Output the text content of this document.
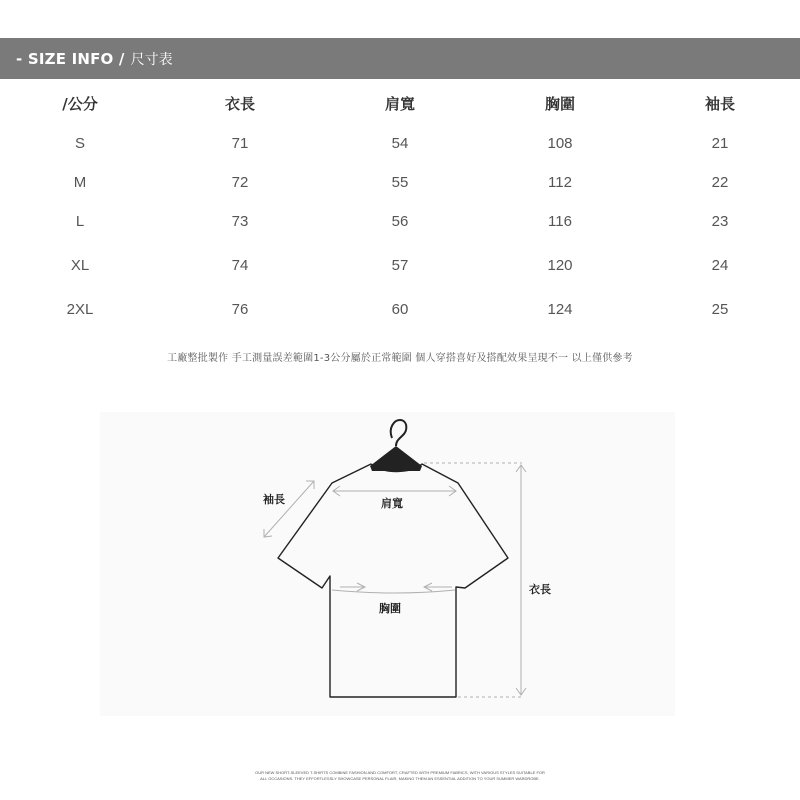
- SIZE INFO / 尺寸表
/公分	衣長	肩寬	胸圍	袖長
S	71	54	108	21
M	72	55	112	22
L	73	56	116	23
XL	74	57	120	24
2XL	76	60	124	25
工廠整批製作 手工測量誤差範圍1-3公分屬於正常範圍 個人穿搭喜好及搭配效果呈現不一 以上僅供參考
袖長	肩寬
胸圍
衣長
OUR NEW SHORT-SLEEVED T-SHIRTS COMBINE FASHION AND COMFORT, CRAFTED WITH PREMIUM FABRICS, WITH VARIOUS STYLES SUITABLE FOR
ALL OCCASIONS. THEY EFFORTLESSLY SHOWCASE PERSONAL FLAIR, MAKING THEM AN ESSENTIAL ADDITION TO YOUR SUMMER WARDROBE.
